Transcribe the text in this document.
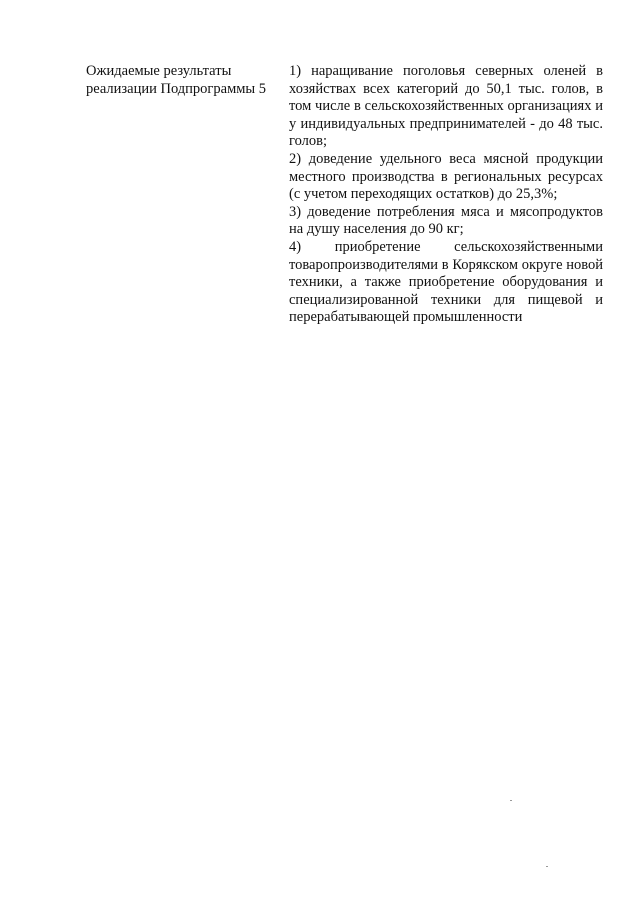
Ожидаемые результаты
реализации Подпрограммы 5

1) наращивание поголовья северных оленей в хозяйствах всех категорий до 50,1 тыс. голов, в том числе в сельскохозяйственных организациях и у индивидуальных предпринимателей - до 48 тыс. голов;

2) доведение удельного веса мясной продукции местного производства в региональных ресурсах (с учетом переходящих остатков) до 25,3%;

3) доведение потребления мяса и мясопродуктов на душу населения до 90 кг;

4) приобретение сельскохозяйственными товаропроизводителями в Корякском округе новой техники, а также приобретение оборудования и специализированной техники для пищевой и перерабатывающей промышленности
